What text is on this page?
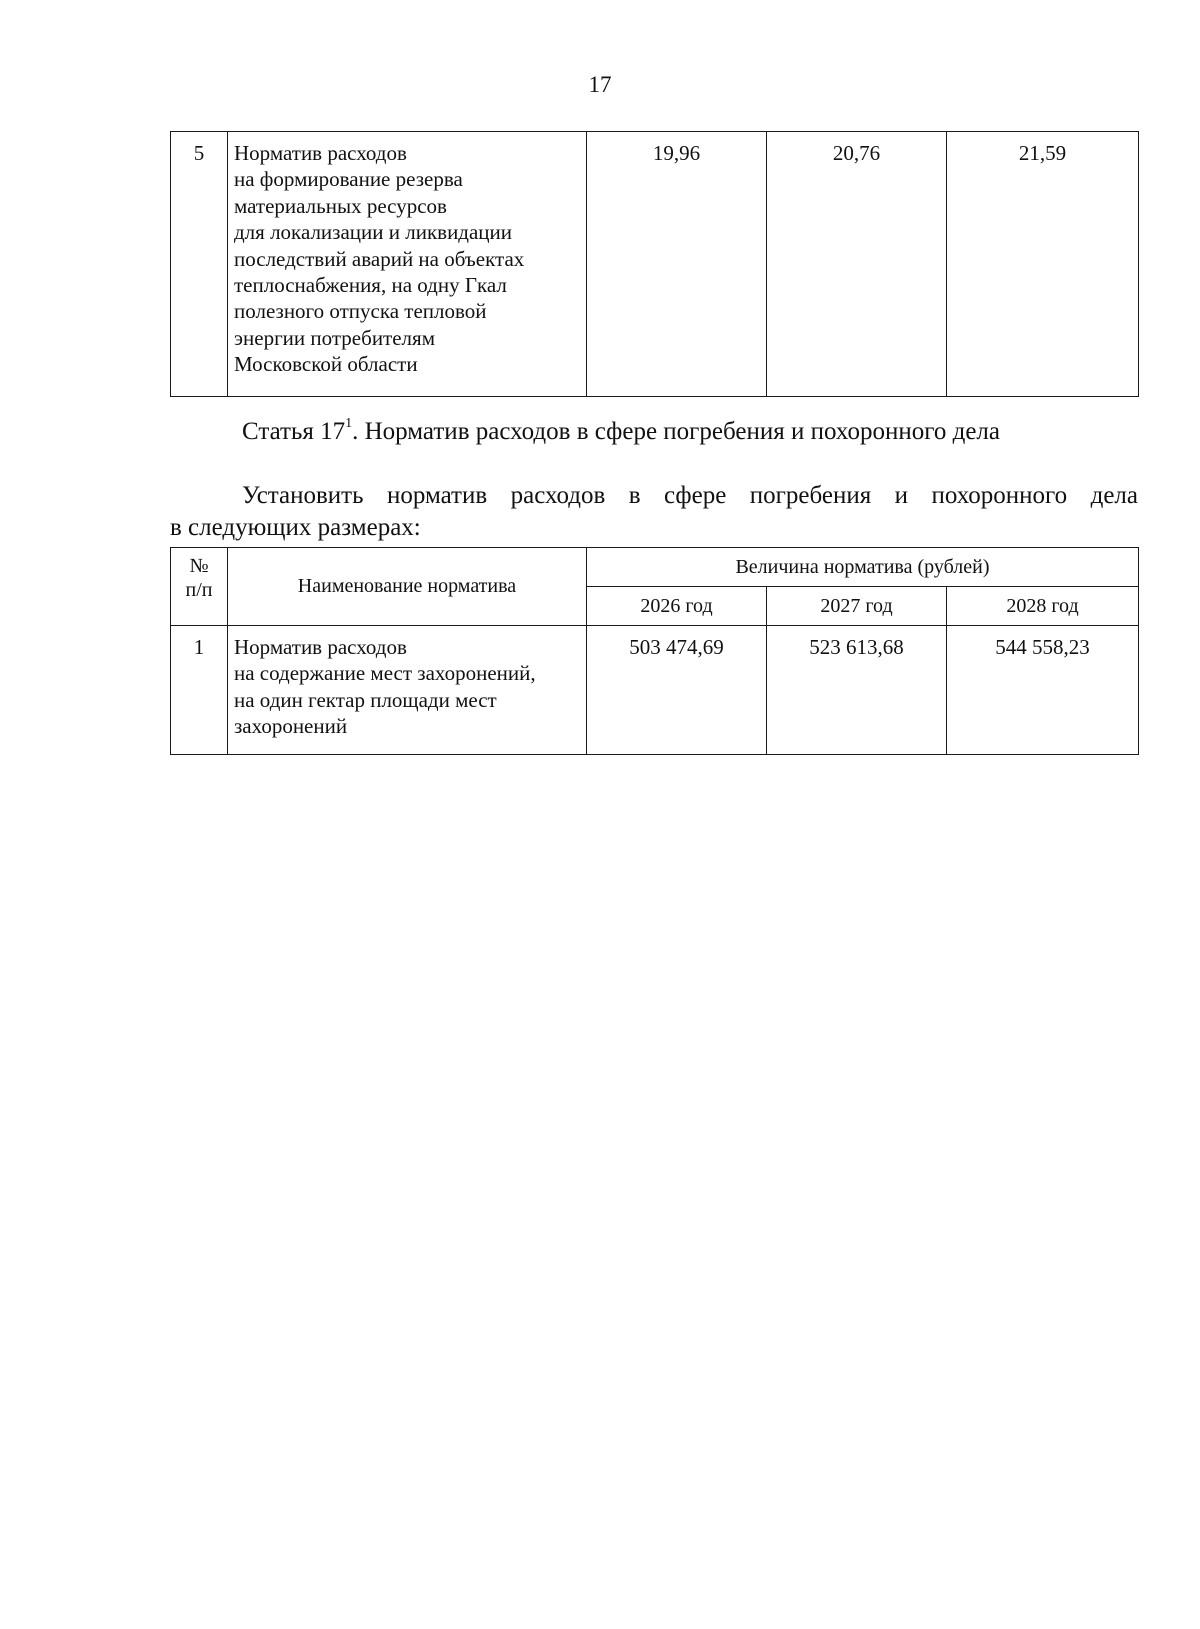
17
5	Норматив расходов
на формирование резерва
материальных ресурсов
для локализации и ликвидации
последствий аварий на объектах
теплоснабжения, на одну Гкал
полезного отпуска тепловой
энергии потребителям
Московской области
	19,96	20,76	21,59
Статья $17^1$. Норматив расходов в сфере погребения и похоронного дела
Установить норматив расходов в сфере погребения и похоронного дела
в следующих размерах:
№
п/п	Наименование норматива	Величина норматива (рублей)		
		2026 год	2027 год	2028 год
1	Норматив расходов
на содержание мест захоронений,
на один гектар площади мест
захоронений	503 474,69	523 613,68	544 558,23
